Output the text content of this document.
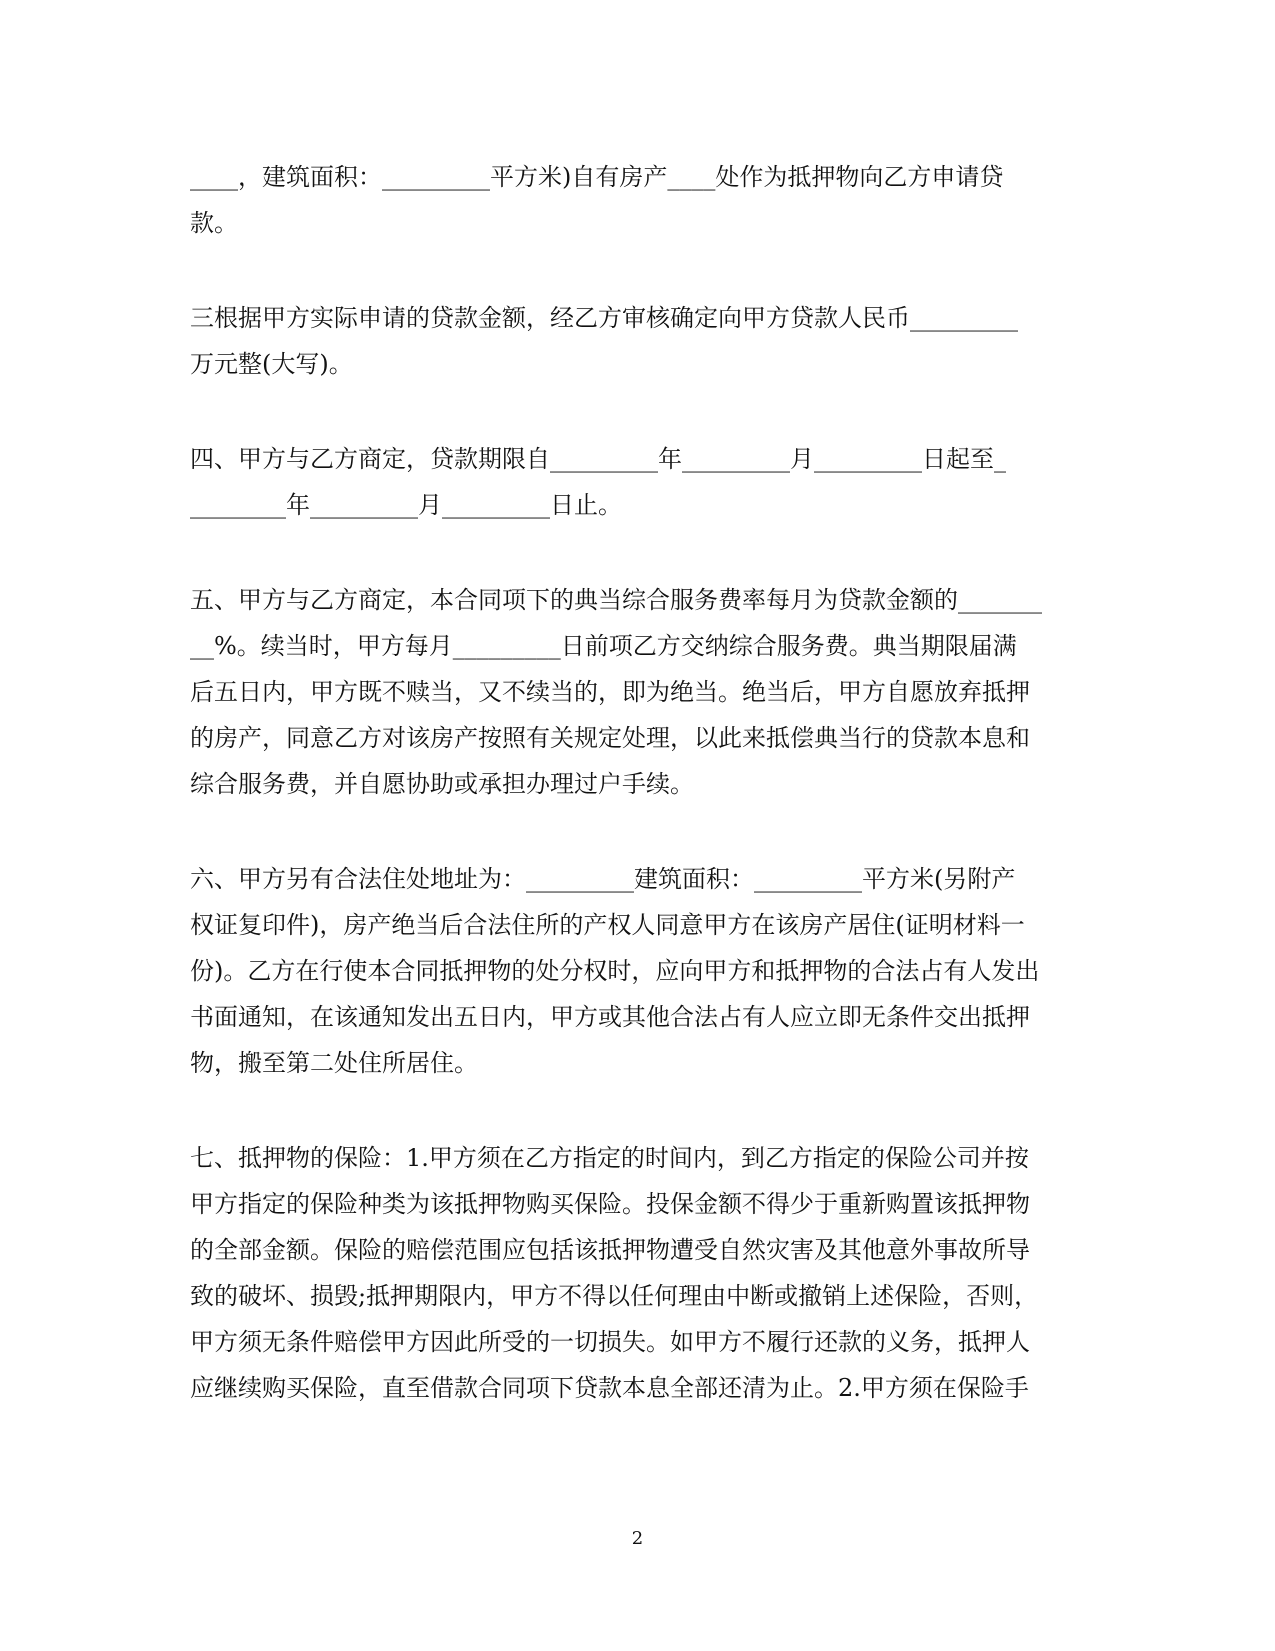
____，建筑面积：_________平方米)自有房产____处作为抵押物向乙方申请贷
款。
三根据甲方实际申请的贷款金额，经乙方审核确定向甲方贷款人民币_________
万元整(大写)。
四、甲方与乙方商定，贷款期限自_________年_________月_________日起至_
________年_________月_________日止。
五、甲方与乙方商定，本合同项下的典当综合服务费率每月为贷款金额的_______
__%。续当时，甲方每月_________日前项乙方交纳综合服务费。典当期限届满
后五日内，甲方既不赎当，又不续当的，即为绝当。绝当后，甲方自愿放弃抵押
的房产，同意乙方对该房产按照有关规定处理，以此来抵偿典当行的贷款本息和
综合服务费，并自愿协助或承担办理过户手续。
六、甲方另有合法住处地址为：_________建筑面积：_________平方米(另附产
权证复印件)，房产绝当后合法住所的产权人同意甲方在该房产居住(证明材料一
份)。乙方在行使本合同抵押物的处分权时，应向甲方和抵押物的合法占有人发出
书面通知，在该通知发出五日内，甲方或其他合法占有人应立即无条件交出抵押
物，搬至第二处住所居住。
七、抵押物的保险：1.甲方须在乙方指定的时间内，到乙方指定的保险公司并按
甲方指定的保险种类为该抵押物购买保险。投保金额不得少于重新购置该抵押物
的全部金额。保险的赔偿范围应包括该抵押物遭受自然灾害及其他意外事故所导
致的破坏、损毁;抵押期限内，甲方不得以任何理由中断或撤销上述保险，否则，
甲方须无条件赔偿甲方因此所受的一切损失。如甲方不履行还款的义务，抵押人
应继续购买保险，直至借款合同项下贷款本息全部还清为止。2.甲方须在保险手
2
